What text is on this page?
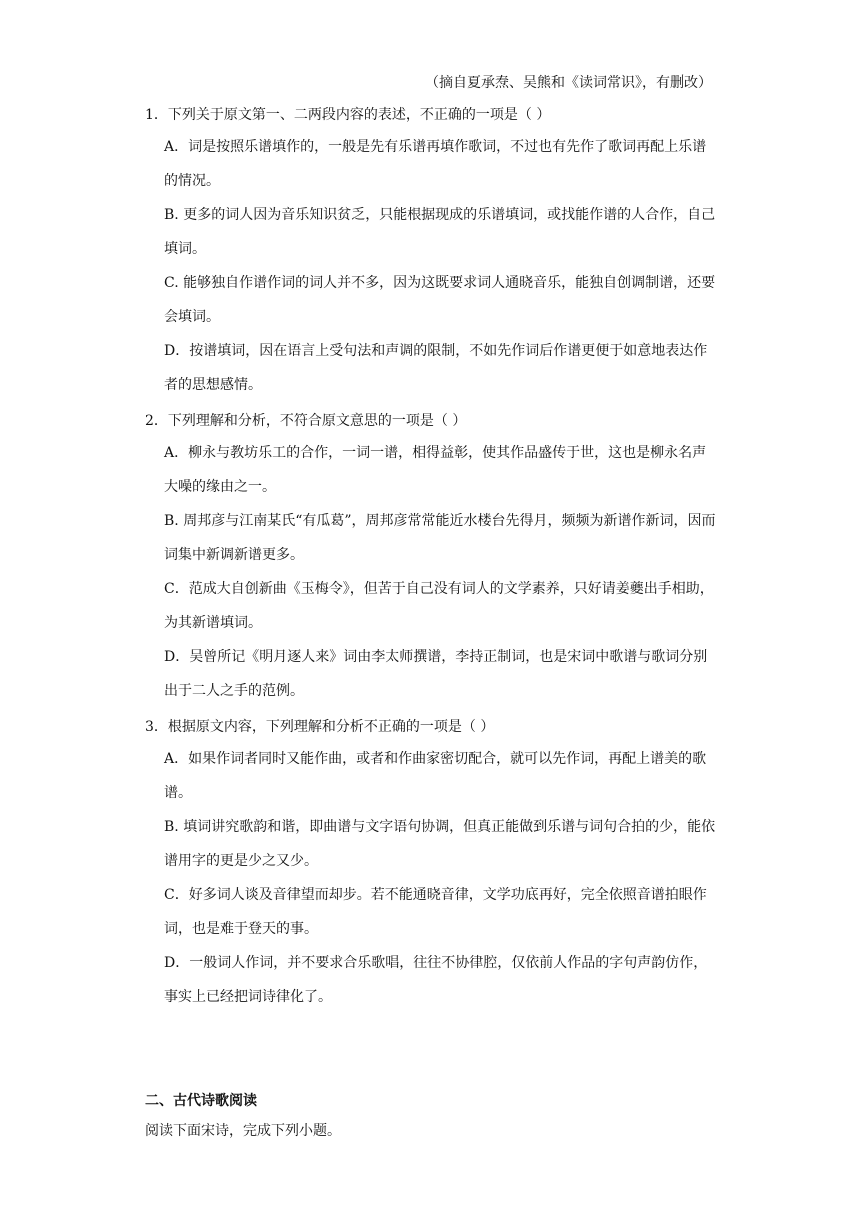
（摘自夏承焘、吴熊和《读词常识》，有删改）
1．下列关于原文第一、二两段内容的表述，不正确的一项是（ ）
A．词是按照乐谱填作的，一般是先有乐谱再填作歌词，不过也有先作了歌词再配上乐谱的情况。
B. 更多的词人因为音乐知识贫乏，只能根据现成的乐谱填词，或找能作谱的人合作，自己填词。
C. 能够独自作谱作词的词人并不多，因为这既要求词人通晓音乐，能独自创调制谱，还要会填词。
D．按谱填词，因在语言上受句法和声调的限制，不如先作词后作谱更便于如意地表达作者的思想感情。
2．下列理解和分析，不符合原文意思的一项是（ ）
A．柳永与教坊乐工的合作，一词一谱，相得益彰，使其作品盛传于世，这也是柳永名声大噪的缘由之一。
B. 周邦彦与江南某氏“有瓜葛”，周邦彦常常能近水楼台先得月，频频为新谱作新词，因而词集中新调新谱更多。
C．范成大自创新曲《玉梅令》，但苦于自己没有词人的文学素养，只好请姜夔出手相助，为其新谱填词。
D．吴曾所记《明月逐人来》词由李太师撰谱，李持正制词，也是宋词中歌谱与歌词分别出于二人之手的范例。
3．根据原文内容，下列理解和分析不正确的一项是（ ）
A．如果作词者同时又能作曲，或者和作曲家密切配合，就可以先作词，再配上谱美的歌谱。
B. 填词讲究歌韵和谐，即曲谱与文字语句协调，但真正能做到乐谱与词句合拍的少，能依谱用字的更是少之又少。
C．好多词人谈及音律望而却步。若不能通晓音律，文学功底再好，完全依照音谱拍眼作词，也是难于登天的事。
D．一般词人作词，并不要求合乐歌唱，往往不协律腔，仅依前人作品的字句声韵仿作，事实上已经把词诗律化了。
二、古代诗歌阅读
阅读下面宋诗，完成下列小题。
